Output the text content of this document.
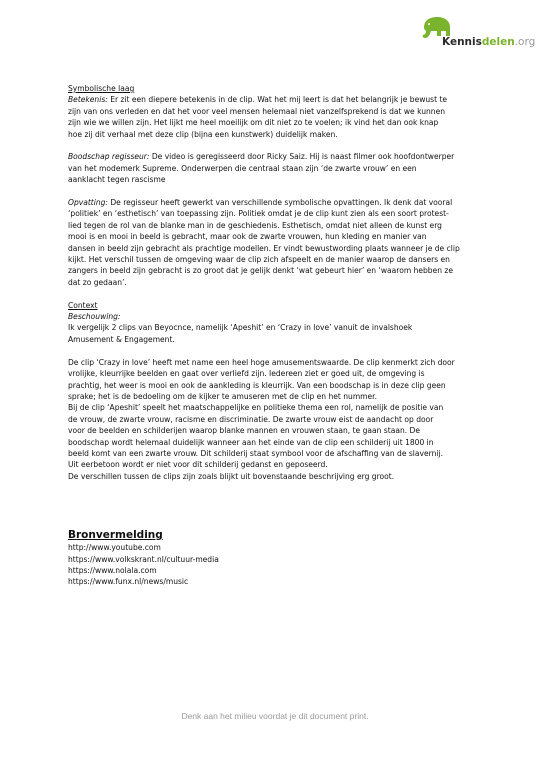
Kennisdelen.org

Symbolische laag

Betekenis: Er zit een diepere betekenis in de clip. Wat het mij leert is dat het belangrijk je bewust te

zijn van ons verleden en dat het voor veel mensen helemaal niet vanzelfsprekend is dat we kunnen

zijn wie we willen zijn. Het lijkt me heel moeilijk om dit niet zo te voelen; ik vind het dan ook knap

hoe zij dit verhaal met deze clip (bijna een kunstwerk) duidelijk maken.

Boodschap regisseur: De video is geregisseerd door Ricky Saiz. Hij is naast filmer ook hoofdontwerper

van het modemerk Supreme. Onderwerpen die centraal staan zijn ‘de zwarte vrouw’ en een

aanklacht tegen rascisme

Opvatting: De regisseur heeft gewerkt van verschillende symbolische opvattingen. Ik denk dat vooral

‘politiek’ en ‘esthetisch’ van toepassing zijn. Politiek omdat je de clip kunt zien als een soort protest-

lied tegen de rol van de blanke man in de geschiedenis. Esthetisch, omdat niet alleen de kunst erg

mooi is en mooi in beeld is gebracht, maar ook de zwarte vrouwen, hun kleding en manier van

dansen in beeld zijn gebracht als prachtige modellen. Er vindt bewustwording plaats wanneer je de clip

kijkt. Het verschil tussen de omgeving waar de clip zich afspeelt en de manier waarop de dansers en

zangers in beeld zijn gebracht is zo groot dat je gelijk denkt ‘wat gebeurt hier’ en ‘waarom hebben ze

dat zo gedaan’.

Context

Beschouwing:

Ik vergelijk 2 clips van Beyocnce, namelijk ‘Apeshit’ en ‘Crazy in love’ vanuit de invalshoek

Amusement & Engagement.

De clip ‘Crazy in love’ heeft met name een heel hoge amusementswaarde. De clip kenmerkt zich door

vrolijke, kleurrijke beelden en gaat over verliefd zijn. Iedereen ziet er goed uit, de omgeving is

prachtig, het weer is mooi en ook de aankleding is kleurrijk. Van een boodschap is in deze clip geen

sprake; het is de bedoeling om de kijker te amuseren met de clip en het nummer.

Bij de clip ‘Apeshit’ speelt het maatschappelijke en politieke thema een rol, namelijk de positie van

de vrouw, de zwarte vrouw, racisme en discriminatie. De zwarte vrouw eist de aandacht op door

voor de beelden en schilderijen waarop blanke mannen en vrouwen staan, te gaan staan. De

boodschap wordt helemaal duidelijk wanneer aan het einde van de clip een schilderij uit 1800 in

beeld komt van een zwarte vrouw. Dit schilderij staat symbool voor de afschaffing van de slavernij.

Uit eerbetoon wordt er niet voor dit schilderij gedanst en geposeerd.

De verschillen tussen de clips zijn zoals blijkt uit bovenstaande beschrijving erg groot.

Bronvermelding

http://www.youtube.com

https://www.volkskrant.nl/cultuur-media

https://www.nolala.com

https://www.funx.nl/news/music

Denk aan het milieu voordat je dit document print.
